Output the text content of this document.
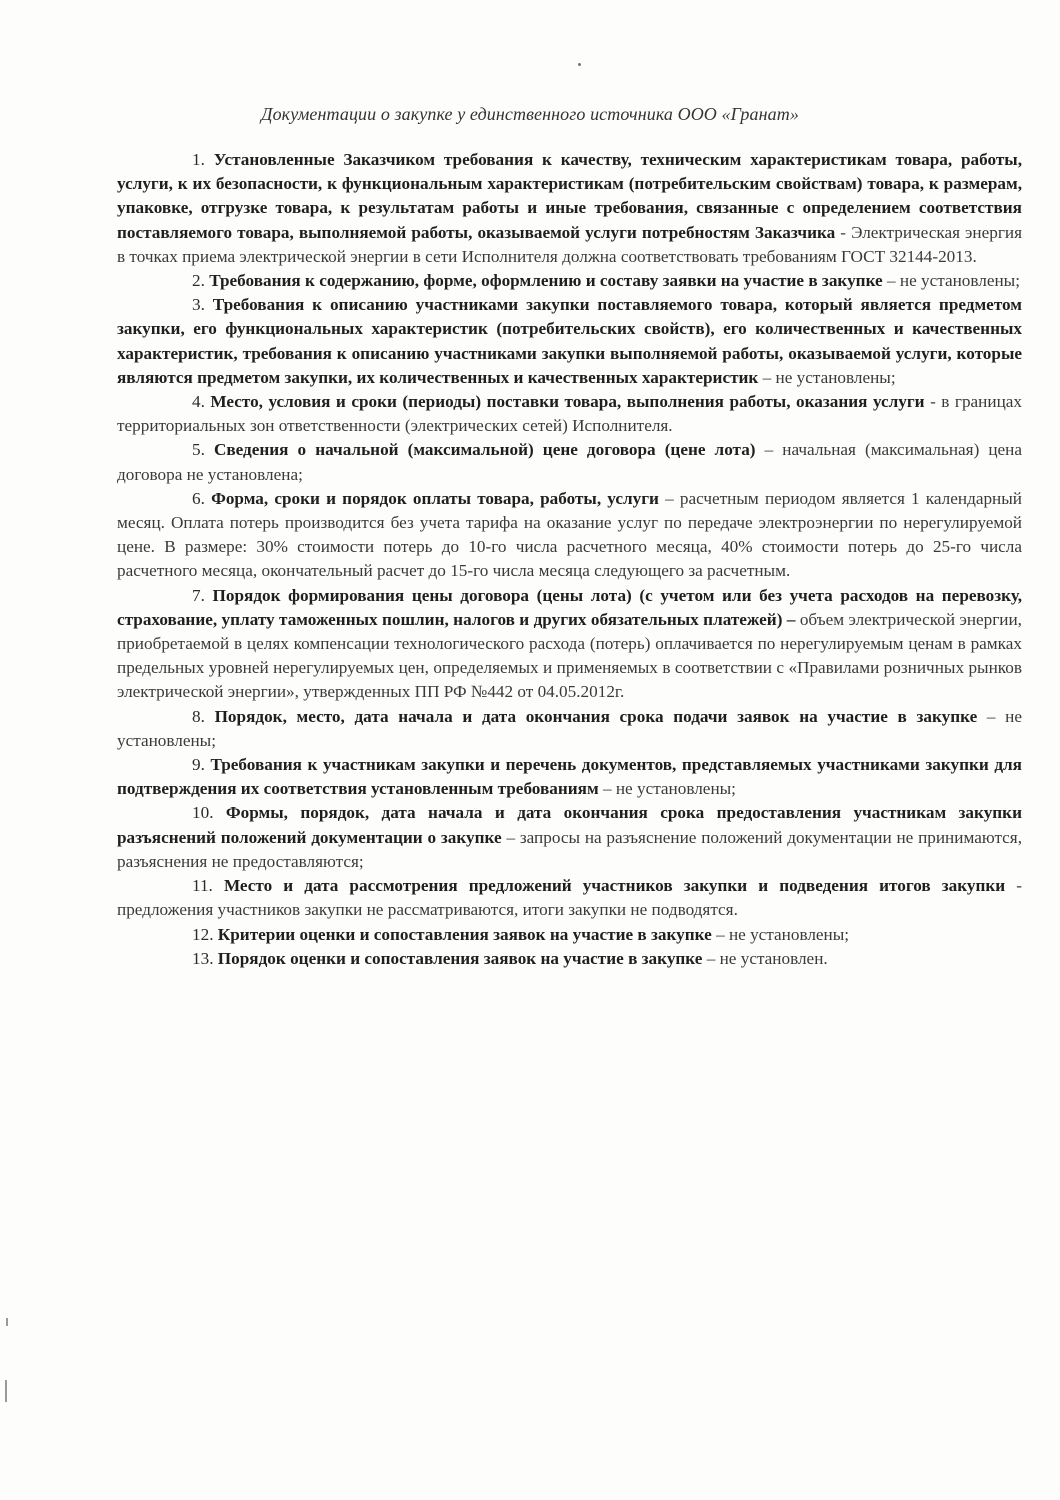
Документации о закупке у единственного источника ООО «Гранат»

1. Установленные Заказчиком требования к качеству, техническим характеристикам товара, работы, услуги, к их безопасности, к функциональным характеристикам (потребительским свойствам) товара, к размерам, упаковке, отгрузке товара, к результатам работы и иные требования, связанные с определением соответствия поставляемого товара, выполняемой работы, оказываемой услуги потребностям Заказчика - Электрическая энергия в точках приема электрической энергии в сети Исполнителя должна соответствовать требованиям ГОСТ 32144-2013.

2. Требования к содержанию, форме, оформлению и составу заявки на участие в закупке – не установлены;

3. Требования к описанию участниками закупки поставляемого товара, который является предметом закупки, его функциональных характеристик (потребительских свойств), его количественных и качественных характеристик, требования к описанию участниками закупки выполняемой работы, оказываемой услуги, которые являются предметом закупки, их количественных и качественных характеристик – не установлены;

4. Место, условия и сроки (периоды) поставки товара, выполнения работы, оказания услуги - в границах территориальных зон ответственности (электрических сетей) Исполнителя.

5. Сведения о начальной (максимальной) цене договора (цене лота) – начальная (максимальная) цена договора не установлена;

6. Форма, сроки и порядок оплаты товара, работы, услуги – расчетным периодом является 1 календарный месяц. Оплата потерь производится без учета тарифа на оказание услуг по передаче электроэнергии по нерегулируемой цене. В размере: 30% стоимости потерь до 10-го числа расчетного месяца, 40% стоимости потерь до 25-го числа расчетного месяца, окончательный расчет до 15-го числа месяца следующего за расчетным.

7. Порядок формирования цены договора (цены лота) (с учетом или без учета расходов на перевозку, страхование, уплату таможенных пошлин, налогов и других обязательных платежей) – объем электрической энергии, приобретаемой в целях компенсации технологического расхода (потерь) оплачивается по нерегулируемым ценам в рамках предельных уровней нерегулируемых цен, определяемых и применяемых в соответствии с «Правилами розничных рынков электрической энергии», утвержденных ПП РФ №442 от 04.05.2012г.

8. Порядок, место, дата начала и дата окончания срока подачи заявок на участие в закупке – не установлены;

9. Требования к участникам закупки и перечень документов, представляемых участниками закупки для подтверждения их соответствия установленным требованиям – не установлены;

10. Формы, порядок, дата начала и дата окончания срока предоставления участникам закупки разъяснений положений документации о закупке – запросы на разъяснение положений документации не принимаются, разъяснения не предоставляются;

11. Место и дата рассмотрения предложений участников закупки и подведения итогов закупки - предложения участников закупки не рассматриваются, итоги закупки не подводятся.

12. Критерии оценки и сопоставления заявок на участие в закупке – не установлены;

13. Порядок оценки и сопоставления заявок на участие в закупке – не установлен.
